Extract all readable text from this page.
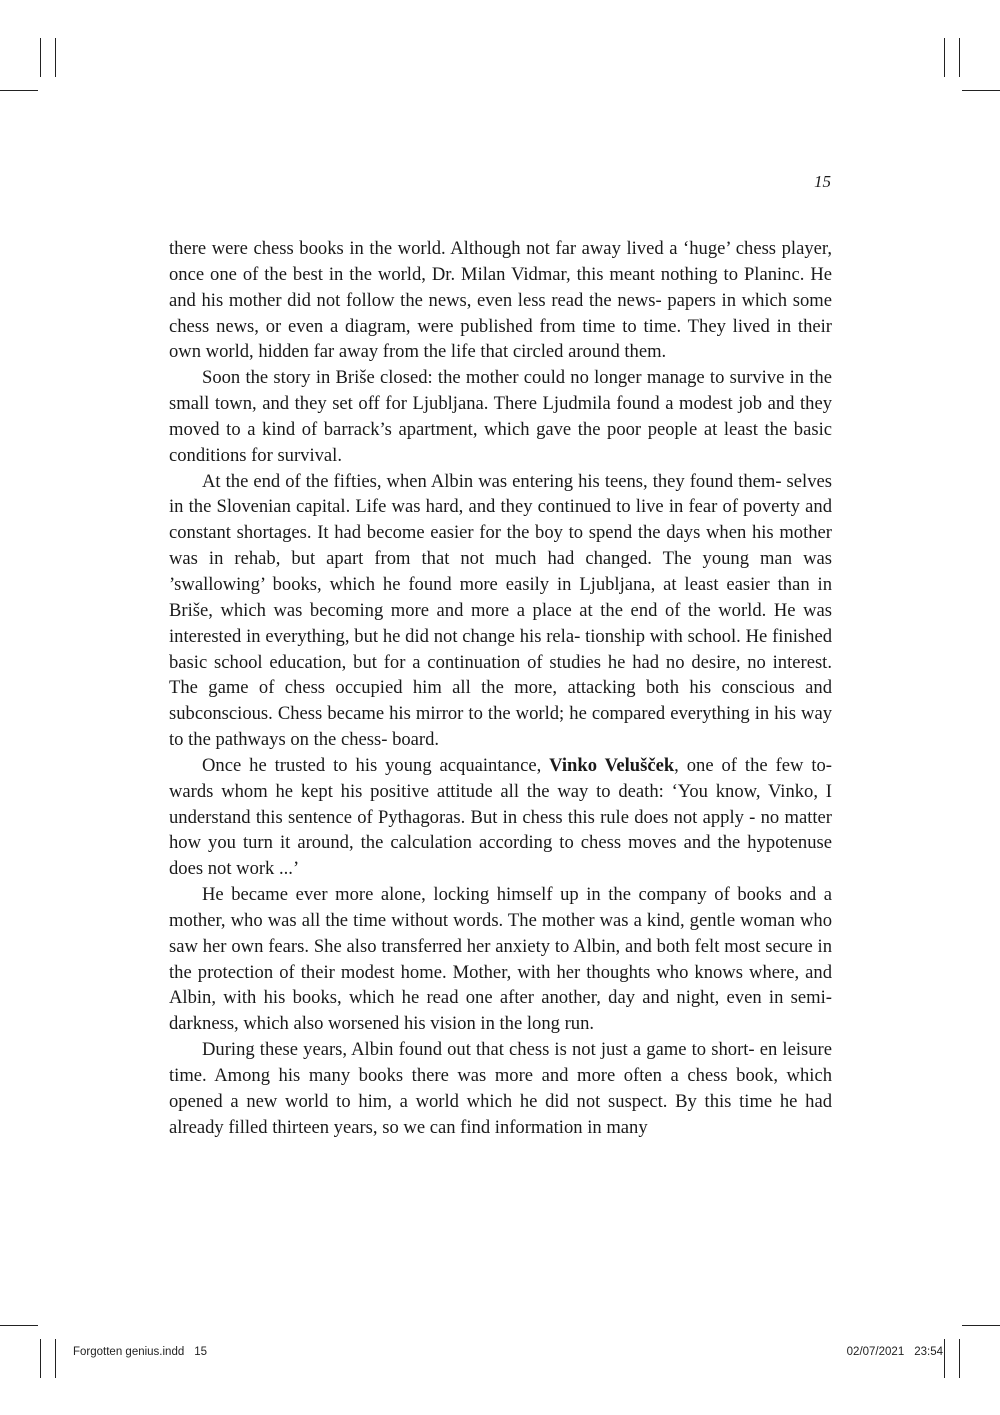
15

there were chess books in the world. Although not far away lived a ‘huge’ chess player, once one of the best in the world, Dr. Milan Vidmar, this meant nothing to Planinc. He and his mother did not follow the news, even less read the news- papers in which some chess news, or even a diagram, were published from time to time. They lived in their own world, hidden far away from the life that circled around them.

Soon the story in Briše closed: the mother could no longer manage to survive in the small town, and they set off for Ljubljana. There Ljudmila found a modest job and they moved to a kind of barrack’s apartment, which gave the poor people at least the basic conditions for survival.

At the end of the fifties, when Albin was entering his teens, they found them- selves in the Slovenian capital. Life was hard, and they continued to live in fear of poverty and constant shortages. It had become easier for the boy to spend the days when his mother was in rehab, but apart from that not much had changed. The young man was ’swallowing’ books, which he found more easily in Ljubljana, at least easier than in Briše, which was becoming more and more a place at the end of the world. He was interested in everything, but he did not change his rela- tionship with school. He finished basic school education, but for a continuation of studies he had no desire, no interest. The game of chess occupied him all the more, attacking both his conscious and subconscious. Chess became his mirror to the world; he compared everything in his way to the pathways on the chess- board.

Once he trusted to his young acquaintance, Vinko Veluščеk, one of the few to- wards whom he kept his positive attitude all the way to death: ‘You know, Vinko, I understand this sentence of Pythagoras. But in chess this rule does not apply - no matter how you turn it around, the calculation according to chess moves and the hypotenuse does not work ...’

He became ever more alone, locking himself up in the company of books and a mother, who was all the time without words. The mother was a kind, gentle woman who saw her own fears. She also transferred her anxiety to Albin, and both felt most secure in the protection of their modest home. Mother, with her thoughts who knows where, and Albin, with his books, which he read one after another, day and night, even in semi-darkness, which also worsened his vision in the long run.

During these years, Albin found out that chess is not just a game to short- en leisure time. Among his many books there was more and more often a chess book, which opened a new world to him, a world which he did not suspect. By this time he had already filled thirteen years, so we can find information in many

Forgotten genius.indd 15	02/07/2021 23:54
